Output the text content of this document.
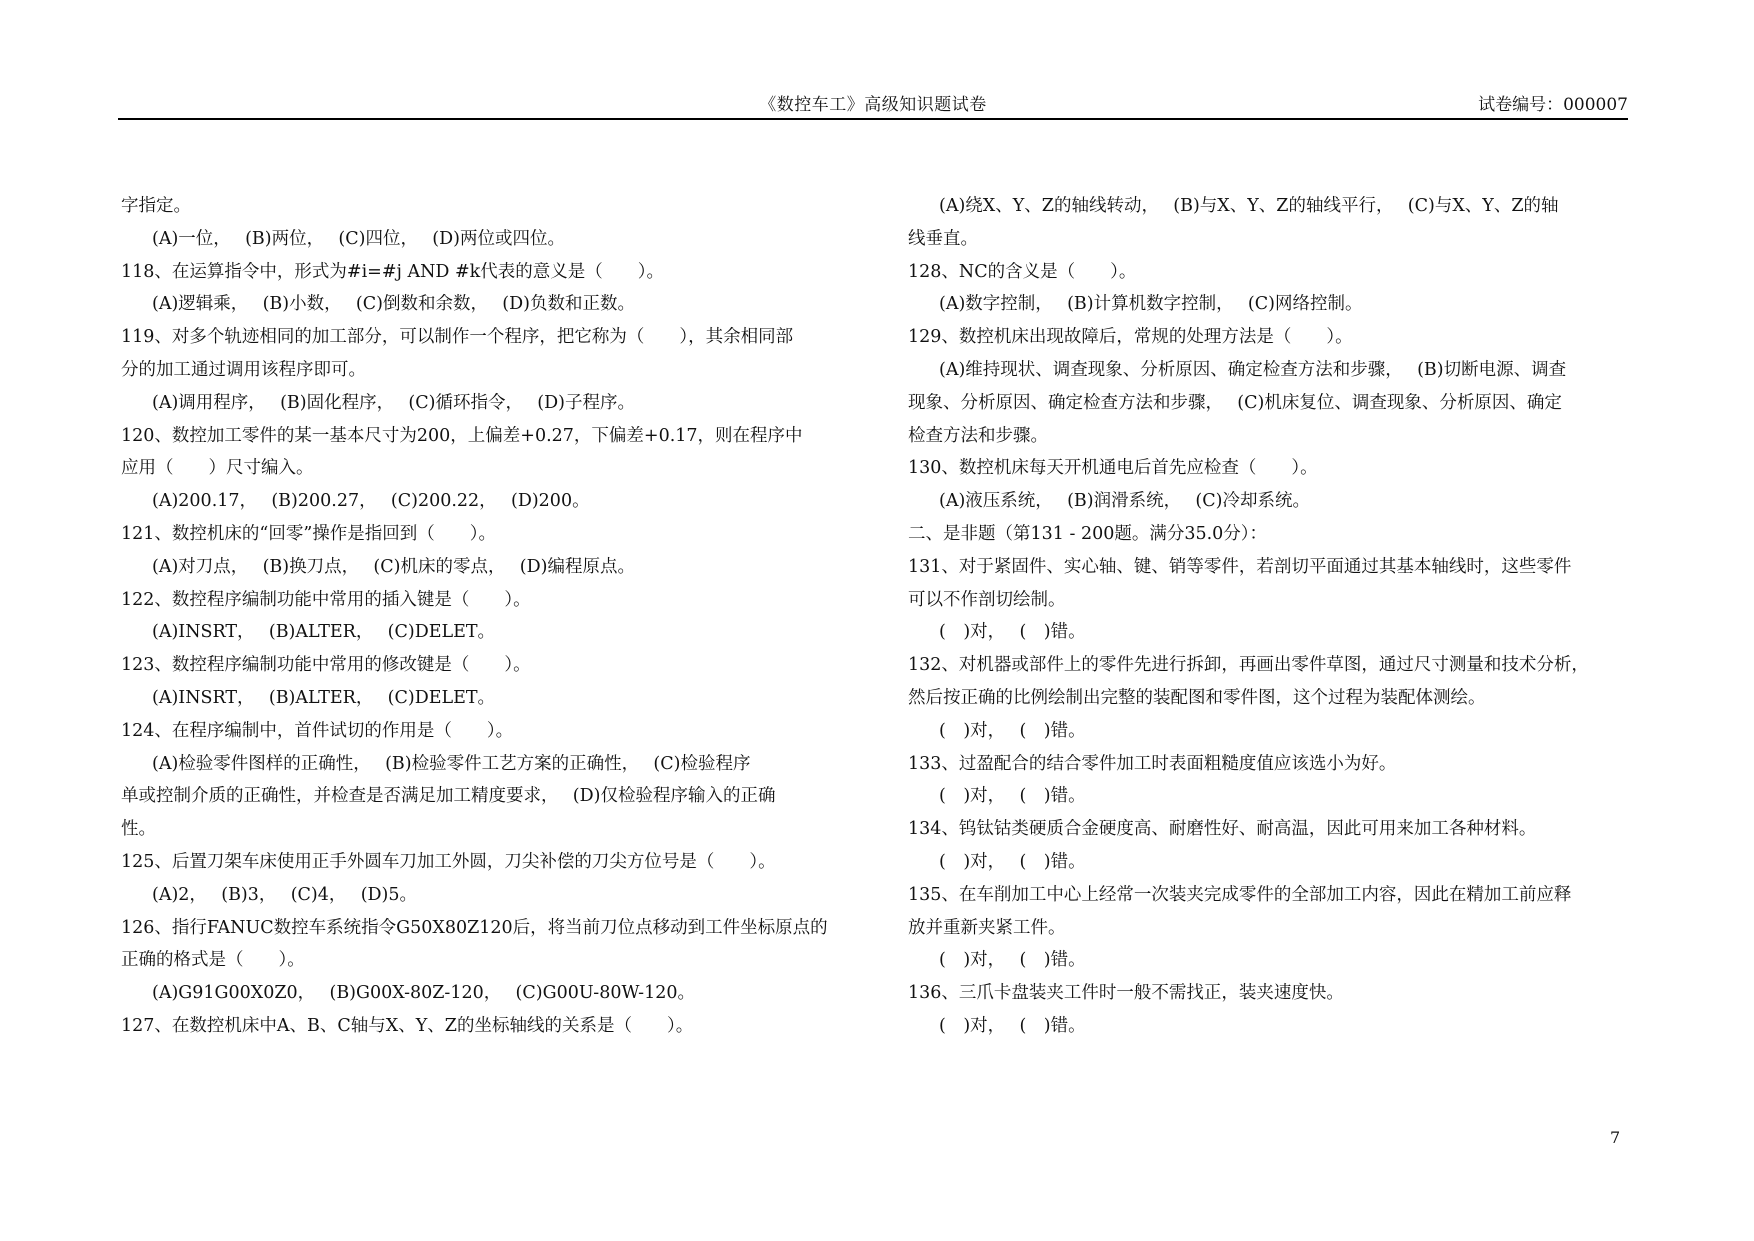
《数控车工》高级知识题试卷	试卷编号：000007
字指定。
(A)一位，　 (B)两位，　 (C)四位，　 (D)两位或四位。
118、在运算指令中，形式为#i=#j AND #k代表的意义是（　　）。
(A)逻辑乘，　 (B)小数，　 (C)倒数和余数，　 (D)负数和正数。
119、对多个轨迹相同的加工部分，可以制作一个程序，把它称为（　　），其余相同部
分的加工通过调用该程序即可。
(A)调用程序，　 (B)固化程序，　 (C)循环指令，　 (D)子程序。
120、数控加工零件的某一基本尺寸为200，上偏差+0.27，下偏差+0.17，则在程序中
应用（　　）尺寸编入。
(A)200.17，　 (B)200.27，　 (C)200.22，　 (D)200。
121、数控机床的“回零”操作是指回到（　　）。
(A)对刀点，　 (B)换刀点，　 (C)机床的零点，　 (D)编程原点。
122、数控程序编制功能中常用的插入键是（　　）。
(A)INSRT，　 (B)ALTER，　 (C)DELET。
123、数控程序编制功能中常用的修改键是（　　）。
(A)INSRT，　 (B)ALTER，　 (C)DELET。
124、在程序编制中，首件试切的作用是（　　）。
(A)检验零件图样的正确性，　 (B)检验零件工艺方案的正确性，　 (C)检验程序
单或控制介质的正确性，并检查是否满足加工精度要求，　 (D)仅检验程序输入的正确
性。
125、后置刀架车床使用正手外圆车刀加工外圆，刀尖补偿的刀尖方位号是（　　）。
(A)2，　 (B)3，　 (C)4，　 (D)5。
126、指行FANUC数控车系统指令G50X80Z120后，将当前刀位点移动到工件坐标原点的
正确的格式是（　　）。
(A)G91G00X0Z0，　 (B)G00X-80Z-120，　 (C)G00U-80W-120。
127、在数控机床中A、B、C轴与X、Y、Z的坐标轴线的关系是（　　）。
(A)绕X、Y、Z的轴线转动，　 (B)与X、Y、Z的轴线平行，　 (C)与X、Y、Z的轴
线垂直。
128、NC的含义是（　　）。
(A)数字控制，　 (B)计算机数字控制，　 (C)网络控制。
129、数控机床出现故障后，常规的处理方法是（　　）。
(A)维持现状、调查现象、分析原因、确定检查方法和步骤，　 (B)切断电源、调查
现象、分析原因、确定检查方法和步骤，　 (C)机床复位、调查现象、分析原因、确定
检查方法和步骤。
130、数控机床每天开机通电后首先应检查（　　）。
(A)液压系统，　 (B)润滑系统，　 (C)冷却系统。
二、是非题（第131 - 200题。满分35.0分）：
131、对于紧固件、实心轴、键、销等零件，若剖切平面通过其基本轴线时，这些零件
可以不作剖切绘制。
(　)对，　 (　)错。
132、对机器或部件上的零件先进行拆卸，再画出零件草图，通过尺寸测量和技术分析，
然后按正确的比例绘制出完整的装配图和零件图，这个过程为装配体测绘。
(　)对，　 (　)错。
133、过盈配合的结合零件加工时表面粗糙度值应该选小为好。
(　)对，　 (　)错。
134、钨钛钴类硬质合金硬度高、耐磨性好、耐高温，因此可用来加工各种材料。
(　)对，　 (　)错。
135、在车削加工中心上经常一次装夹完成零件的全部加工内容，因此在精加工前应释
放并重新夹紧工件。
(　)对，　 (　)错。
136、三爪卡盘装夹工件时一般不需找正，装夹速度快。
(　)对，　 (　)错。
7
